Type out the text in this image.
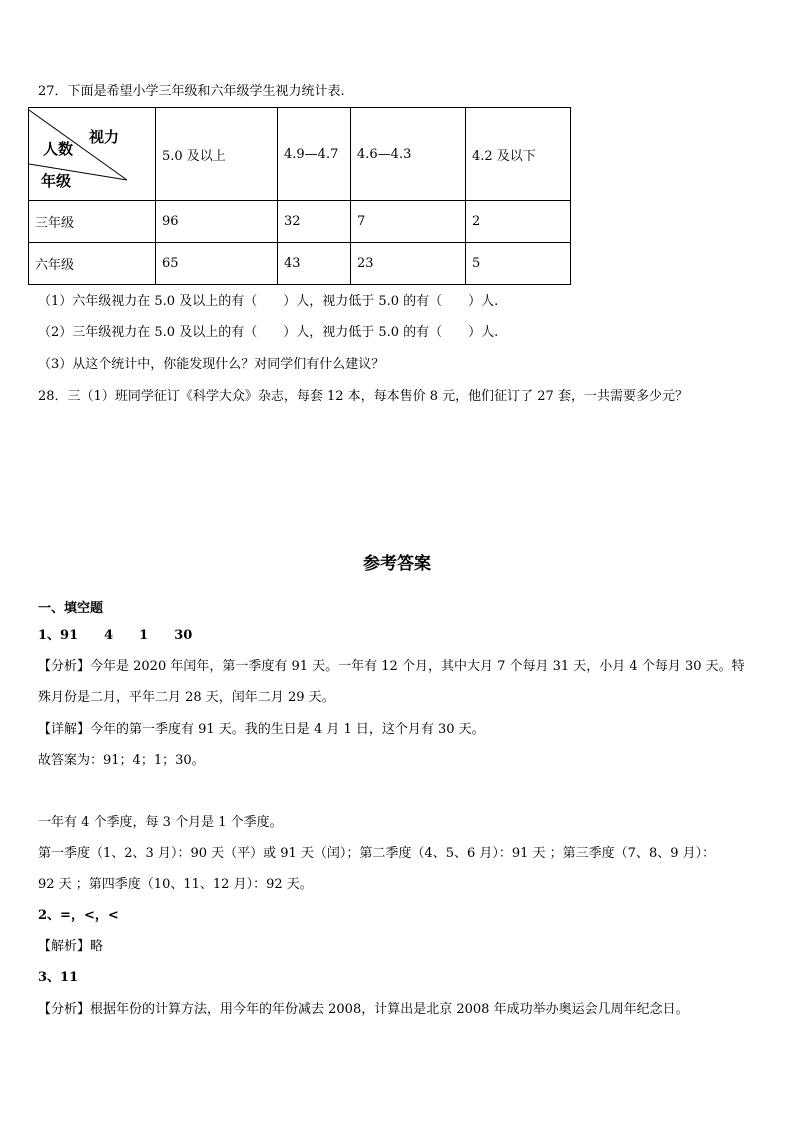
27．下面是希望小学三年级和六年级学生视力统计表.
视力
人数
年级	5.0 及以上	4.9—4.7	4.6—4.3	4.2 及以下
三年级	96	32	7	2
六年级	65	43	23	5
（1）六年级视力在 5.0 及以上的有（　　）人，视力低于 5.0 的有（　　）人.
（2）三年级视力在 5.0 及以上的有（　　）人，视力低于 5.0 的有（　　）人.
（3）从这个统计中，你能发现什么？对同学们有什么建议？
28．三（1）班同学征订《科学大众》杂志，每套 12 本，每本售价 8 元，他们征订了 27 套，一共需要多少元？
参考答案
一、填空题
1、91　　4　　1　　30
【分析】今年是 2020 年闰年，第一季度有 91 天。一年有 12 个月，其中大月 7 个每月 31 天，小月 4 个每月 30 天。特
殊月份是二月，平年二月 28 天，闰年二月 29 天。
【详解】今年的第一季度有 91 天。我的生日是 4 月 1 日，这个月有 30 天。
故答案为：91；4；1；30。
一年有 4 个季度，每 3 个月是 1 个季度。
第一季度（1、2、3 月）：90 天（平）或 91 天（闰）；第二季度（4、5、6 月）：91 天 ；第三季度（7、8、9 月）：
92 天 ；第四季度（10、11、12 月）：92 天。
2、=，<，<
【解析】略
3、11
【分析】根据年份的计算方法，用今年的年份减去 2008，计算出是北京 2008 年成功举办奥运会几周年纪念日。
